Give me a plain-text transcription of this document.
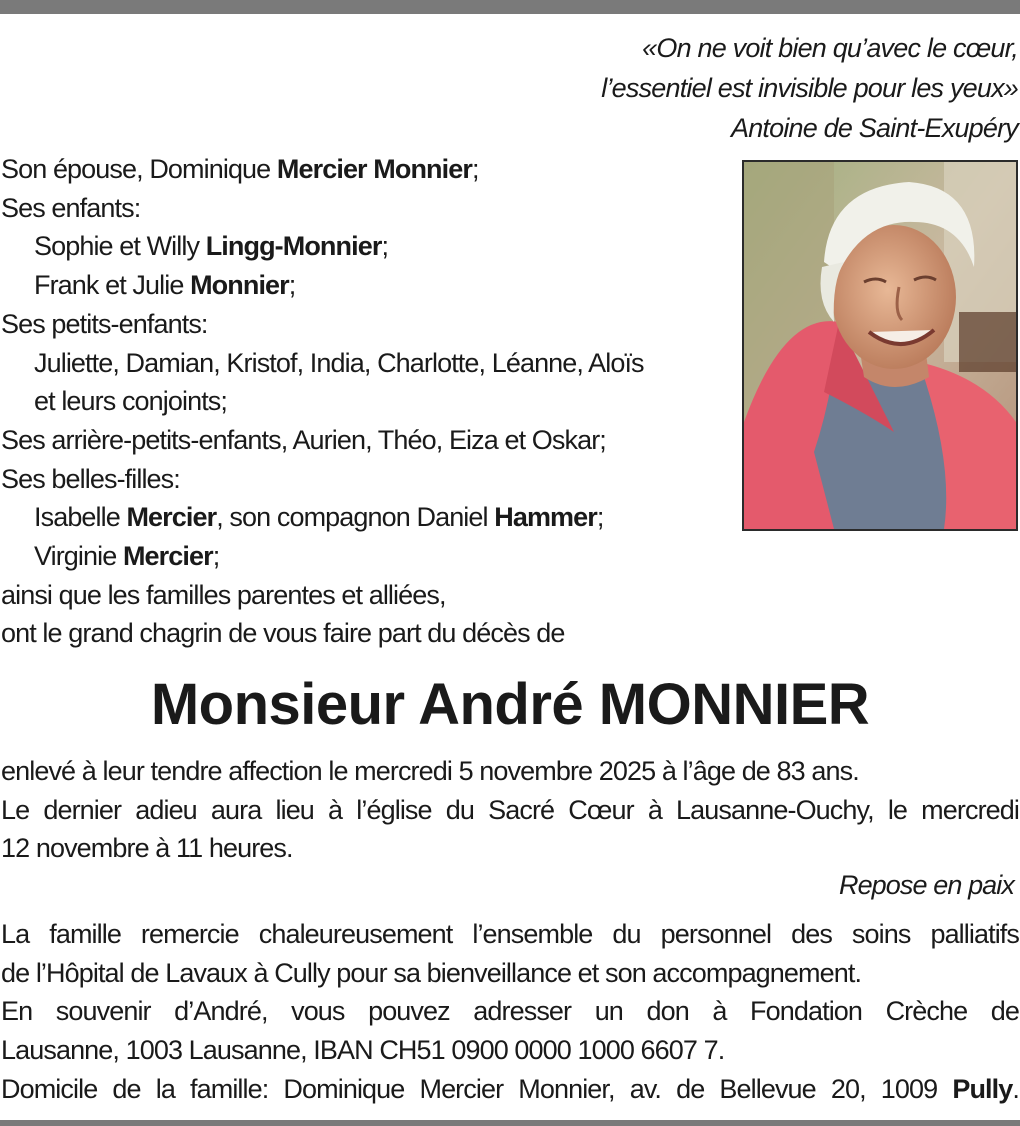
«On ne voit bien qu’avec le cœur,
l’essentiel est invisible pour les yeux»
Antoine de Saint-Exupéry
Son épouse, Dominique Mercier Monnier;
Ses enfants:
Sophie et Willy Lingg-Monnier;
Frank et Julie Monnier;
Ses petits-enfants:
Juliette, Damian, Kristof, India, Charlotte, Léanne, Aloïs
et leurs conjoints;
Ses arrière-petits-enfants, Aurien, Théo, Eiza et Oskar;
Ses belles-filles:
Isabelle Mercier, son compagnon Daniel Hammer;
Virginie Mercier;
ainsi que les familles parentes et alliées,
ont le grand chagrin de vous faire part du décès de
Monsieur André MONNIER
enlevé à leur tendre affection le mercredi 5 novembre 2025 à l’âge de 83 ans.
Le dernier adieu aura lieu à l’église du Sacré Cœur à Lausanne-Ouchy, le mercredi
12 novembre à 11 heures.
Repose en paix
La famille remercie chaleureusement l’ensemble du personnel des soins palliatifs
de l’Hôpital de Lavaux à Cully pour sa bienveillance et son accompagnement.
En souvenir d’André, vous pouvez adresser un don à Fondation Crèche de
Lausanne, 1003 Lausanne, IBAN CH51 0900 0000 1000 6607 7.
Domicile de la famille: Dominique Mercier Monnier, av. de Bellevue 20, 1009 Pully.
